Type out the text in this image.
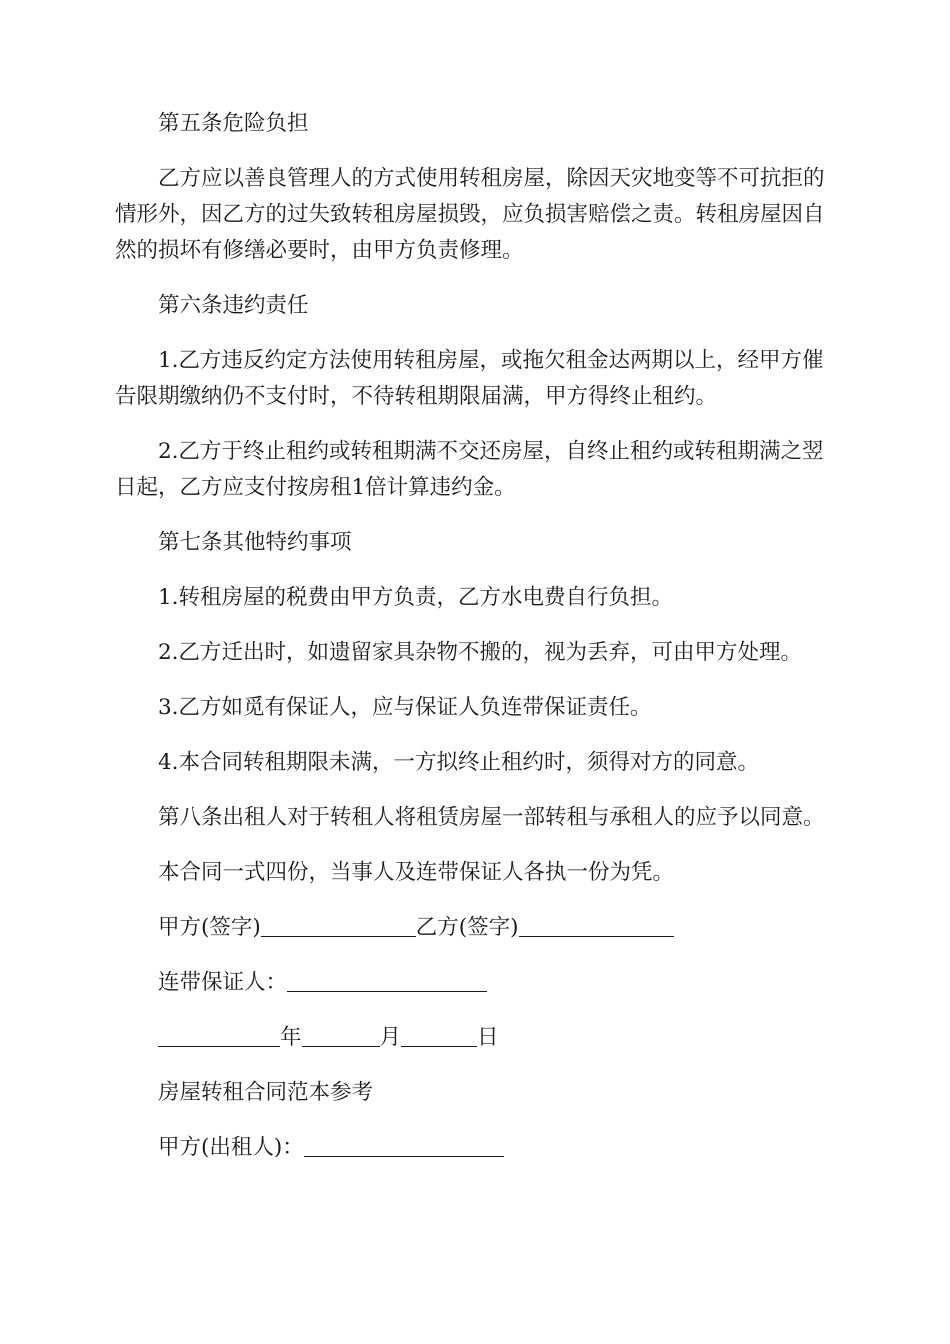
第五条危险负担

乙方应以善良管理人的方式使用转租房屋，除因天灾地变等不可抗拒的情形外，因乙方的过失致转租房屋损毁，应负损害赔偿之责。转租房屋因自然的损坏有修缮必要时，由甲方负责修理。

第六条违约责任

1.乙方违反约定方法使用转租房屋，或拖欠租金达两期以上，经甲方催告限期缴纳仍不支付时，不待转租期限届满，甲方得终止租约。

2.乙方于终止租约或转租期满不交还房屋，自终止租约或转租期满之翌日起，乙方应支付按房租1倍计算违约金。

第七条其他特约事项

1.转租房屋的税费由甲方负责，乙方水电费自行负担。

2.乙方迁出时，如遗留家具杂物不搬的，视为丢弃，可由甲方处理。

3.乙方如觅有保证人，应与保证人负连带保证责任。

4.本合同转租期限未满，一方拟终止租约时，须得对方的同意。

第八条出租人对于转租人将租赁房屋一部转租与承租人的应予以同意。

本合同一式四份，当事人及连带保证人各执一份为凭。

甲方(签字)	乙方(签字)

连带保证人：

年	月	日

房屋转租合同范本参考

甲方(出租人)：
